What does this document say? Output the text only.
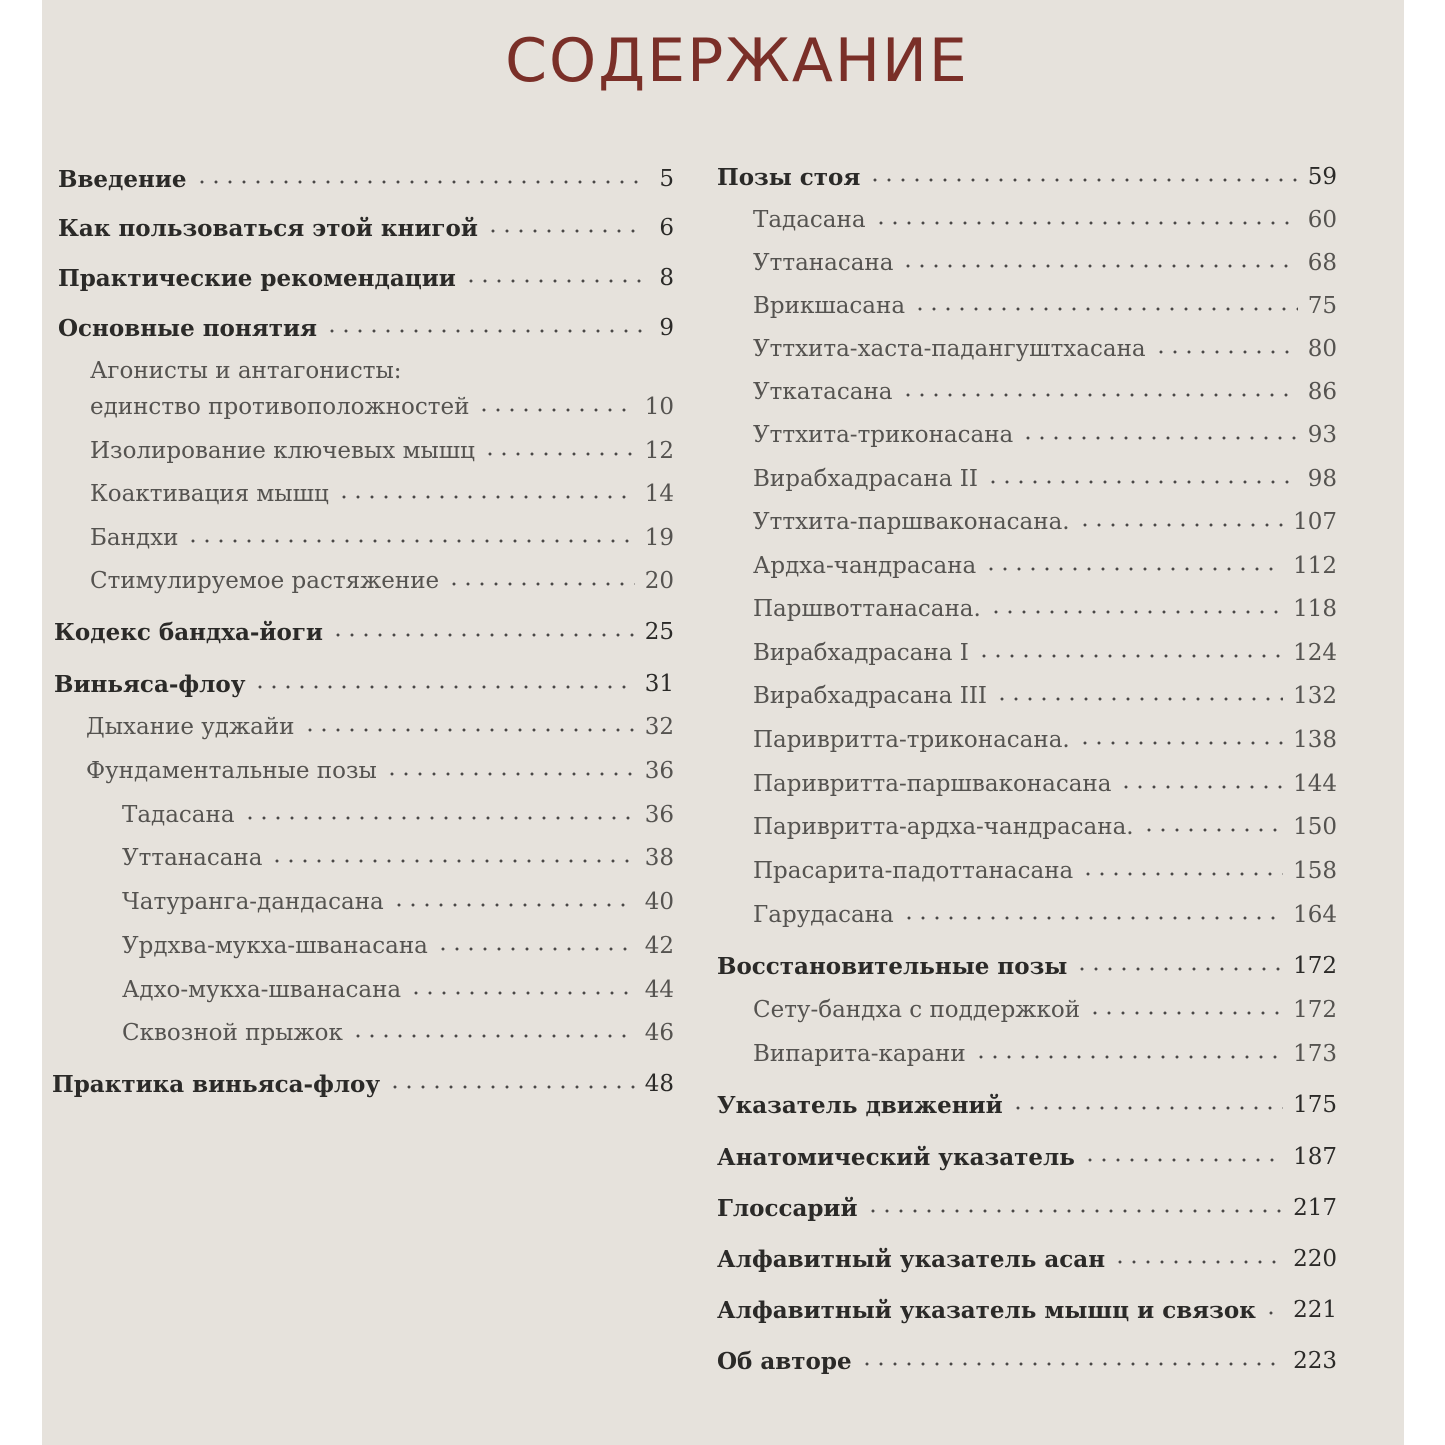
СОДЕРЖАНИЕ
Введение	5
Как пользоваться этой книгой	6
Практические рекомендации	8
Основные понятия	9
Агонисты и антагонисты:
единство противоположностей	10
Изолирование ключевых мышц	12
Коактивация мышц	14
Бандхи	19
Стимулируемое растяжение	20
Кодекс бандха-йоги	25
Виньяса-флоу	31
Дыхание уджайи	32
Фундаментальные позы	36
Тадасана	36
Уттанасана	38
Чатуранга-дандасана	40
Урдхва-мукха-шванасана	42
Адхо-мукха-шванасана	44
Сквозной прыжок	46
Практика виньяса-флоу	48
Позы стоя	59
Тадасана	60
Уттанасана	68
Врикшасана	75
Уттхита-хаста-падангуштхасана	80
Уткатасана	86
Уттхита-триконасана	93
Вирабхадрасана II	98
Уттхита-паршваконасана.	107
Ардха-чандрасана	112
Паршвоттанасана.	118
Вирабхадрасана I	124
Вирабхадрасана III	132
Паривритта-триконасана.	138
Паривритта-паршваконасана	144
Паривритта-ардха-чандрасана.	150
Прасарита-падоттанасана	158
Гарудасана	164
Восстановительные позы	172
Сету-бандха с поддержкой	172
Випарита-карани	173
Указатель движений	175
Анатомический указатель	187
Глоссарий	217
Алфавитный указатель асан	220
Алфавитный указатель мышц и связок 221
Об авторе	223
